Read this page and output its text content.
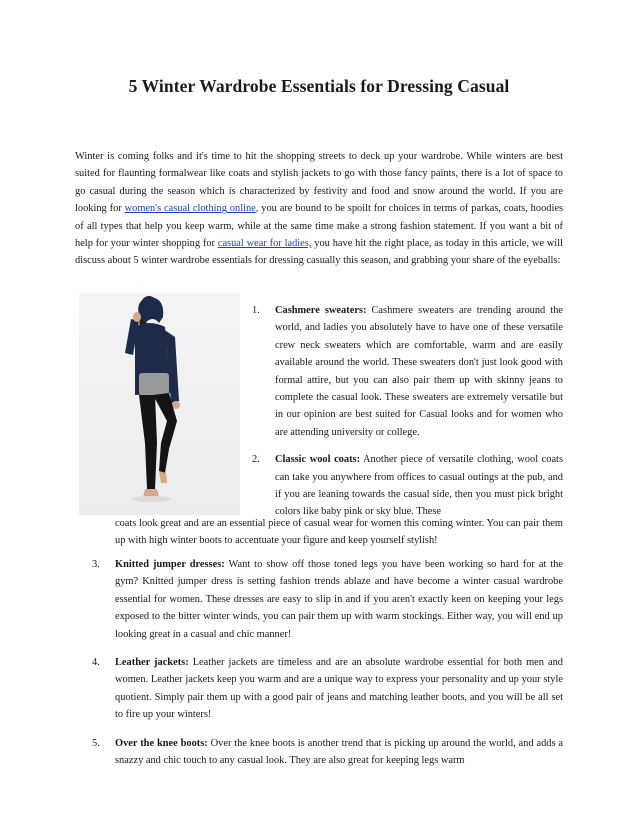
5 Winter Wardrobe Essentials for Dressing Casual

Winter is coming folks and it's time to hit the shopping streets to deck up your wardrobe. While winters are best suited for flaunting formalwear like coats and stylish jackets to go with those fancy paints, there is a lot of space to go casual during the season which is characterized by festivity and food and snow around the world. If you are looking for women's casual clothing online, you are bound to be spoilt for choices in terms of parkas, coats, hoodies of all types that help you keep warm, while at the same time make a strong fashion statement. If you want a bit of help for your winter shopping for casual wear for ladies, you have hit the right place, as today in this article, we will discuss about 5 winter wardrobe essentials for dressing casually this season, and grabbing your share of the eyeballs:

1.	Cashmere sweaters: Cashmere sweaters are trending around the world, and ladies you absolutely have to have one of these versatile crew neck sweaters which are comfortable, warm and are easily available around the world. These sweaters don't just look good with formal attire, but you can also pair them up with skinny jeans to complete the casual look. These sweaters are extremely versatile but in our opinion are best suited for Casual looks and for women who are attending university or college.
2.	Classic wool coats: Another piece of versatile clothing, wool coats can take you anywhere from offices to casual outings at the pub, and if you are leaning towards the casual side, then you must pick bright colors like baby pink or sky blue. These
coats look great and are an essential piece of casual wear for women this coming winter. You can pair them up with high winter boots to accentuate your figure and keep yourself stylish!
3.	Knitted jumper dresses: Want to show off those toned legs you have been working so hard for at the gym? Knitted jumper dress is setting fashion trends ablaze and have become a winter casual wardrobe essential for women. These dresses are easy to slip in and if you aren't exactly keen on keeping your legs exposed to the bitter winter winds, you can pair them up with warm stockings. Either way, you will end up looking great in a casual and chic manner!
4.	Leather jackets: Leather jackets are timeless and are an absolute wardrobe essential for both men and women. Leather jackets keep you warm and are a unique way to express your personality and up your style quotient. Simply pair them up with a good pair of jeans and matching leather boots, and you will be all set to fire up your winters!
5.	Over the knee boots: Over the knee boots is another trend that is picking up around the world, and adds a snazzy and chic touch to any casual look. They are also great for keeping legs warm
